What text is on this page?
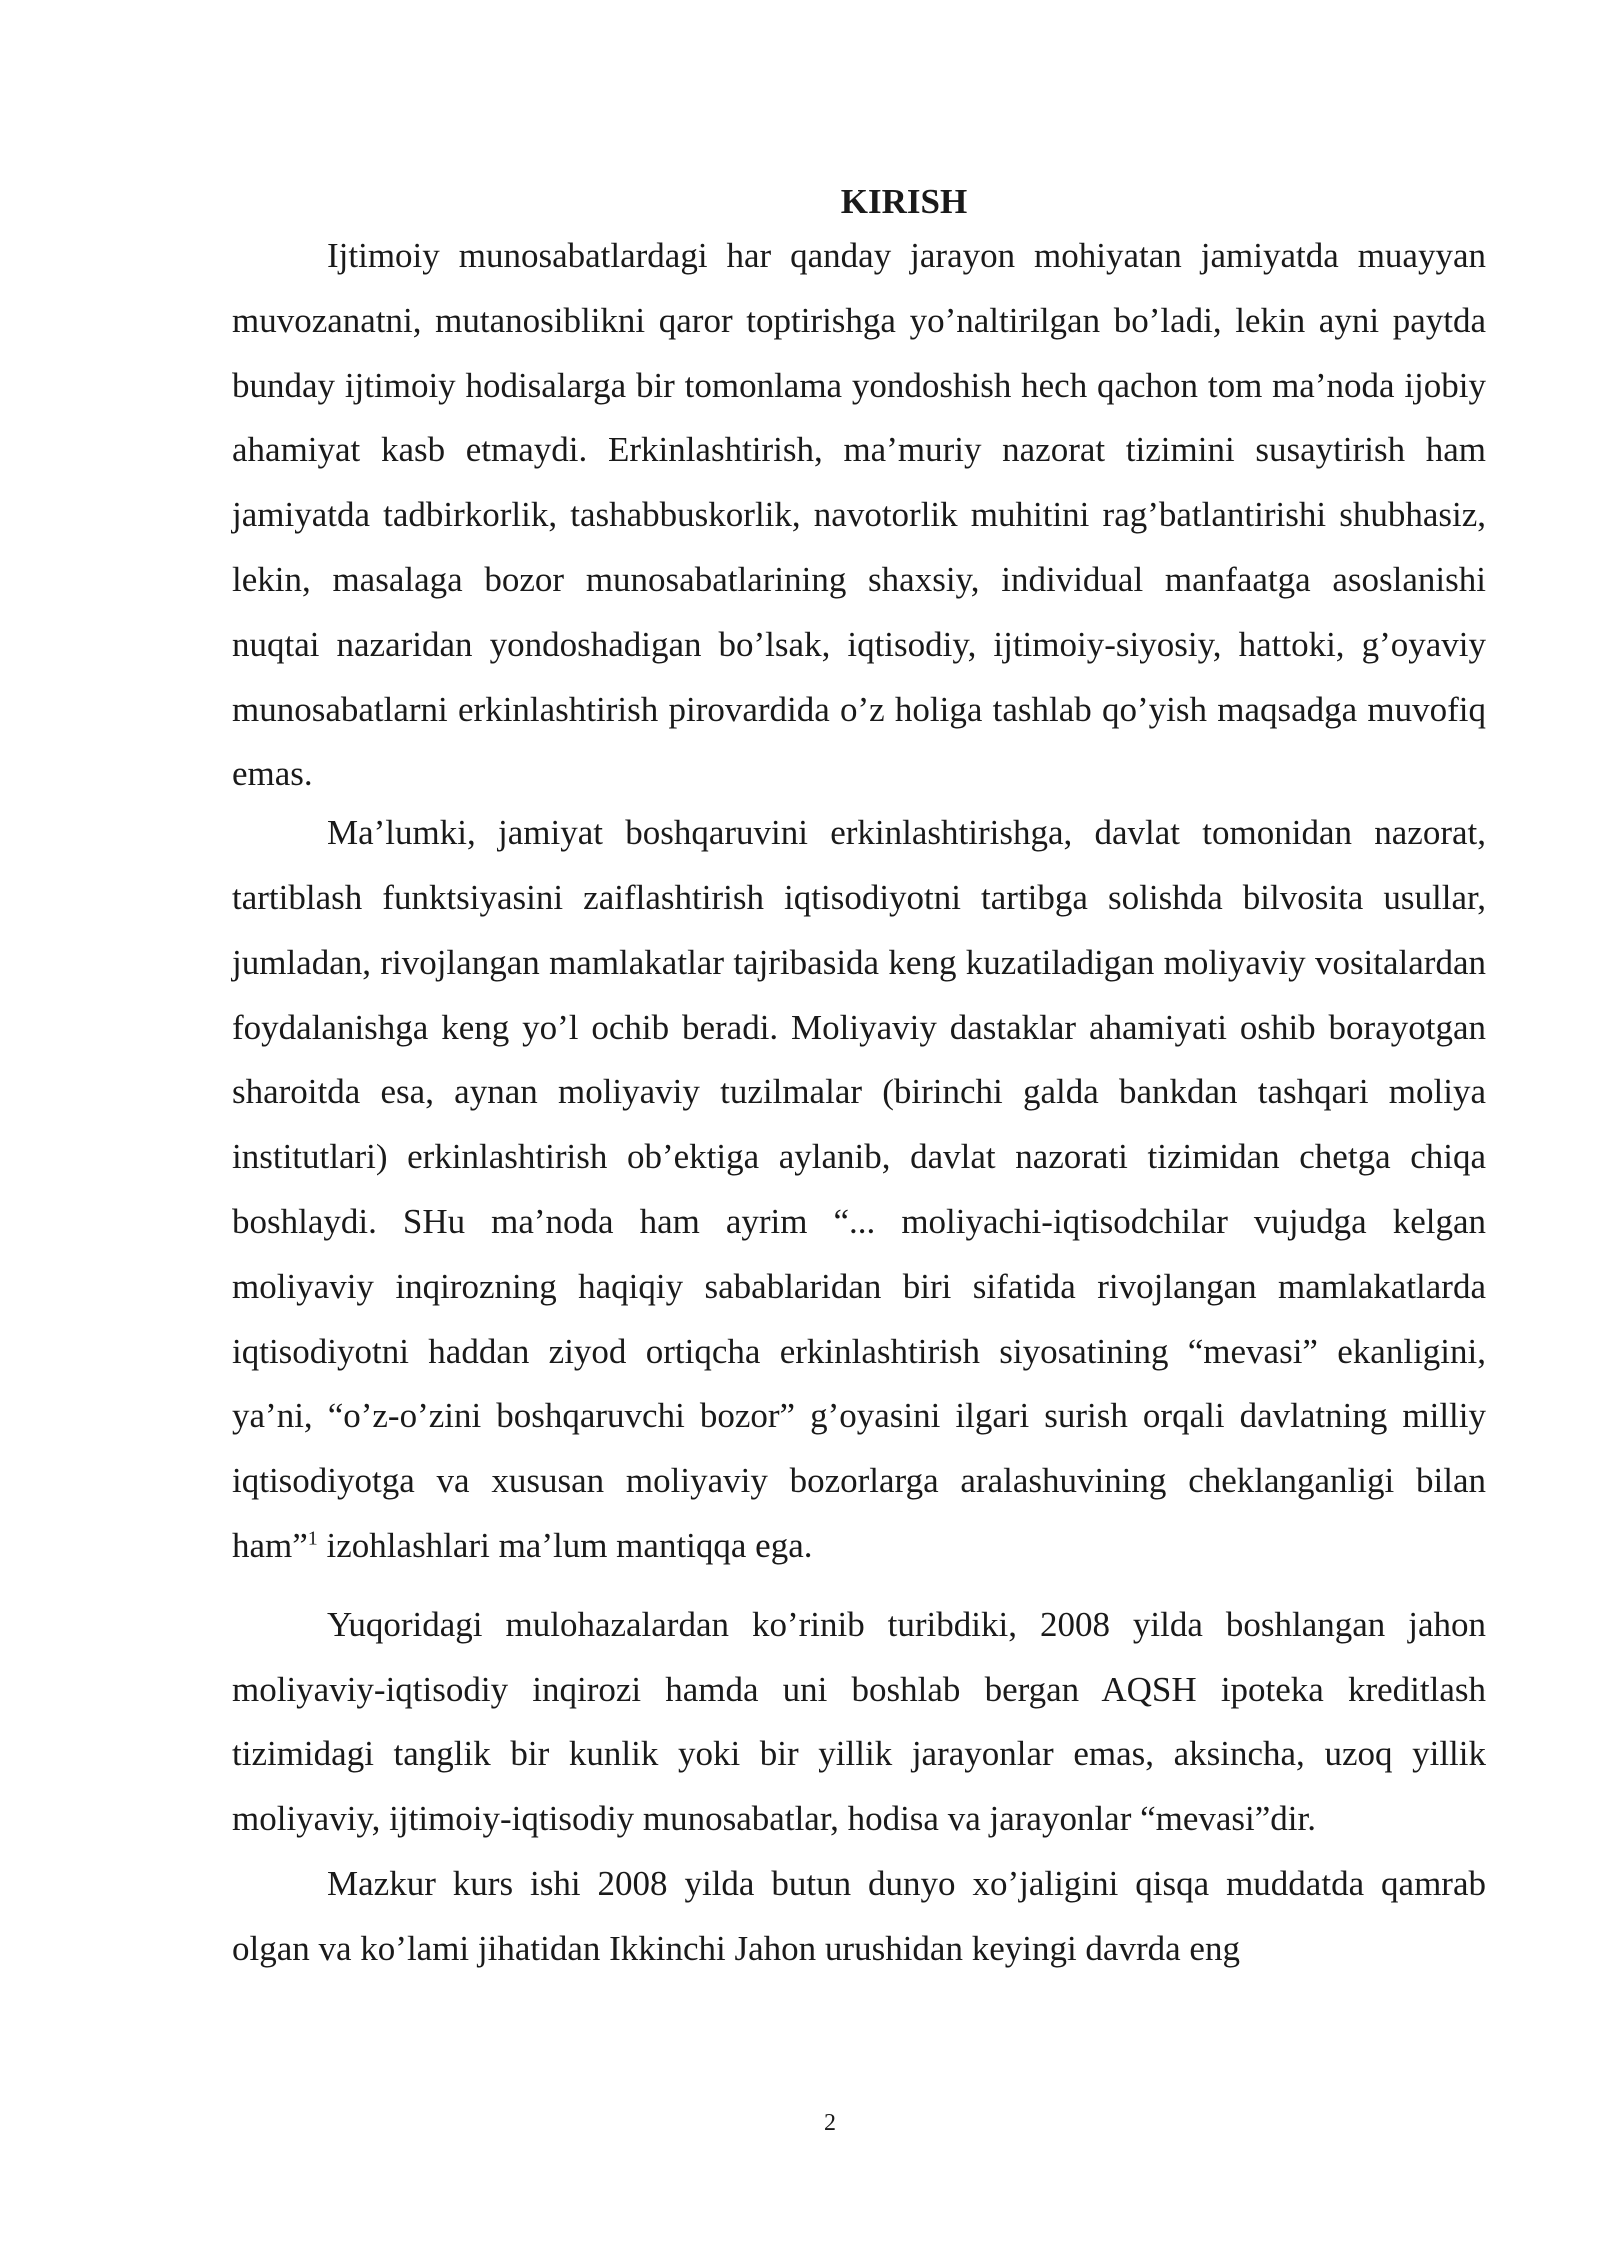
KIRISH

Ijtimoiy munosabatlardagi har qanday jarayon mohiyatan jamiyatda muayyan muvozanatni, mutanosiblikni qaror toptirishga yo’naltirilgan bo’ladi, lekin ayni paytda bunday ijtimoiy hodisalarga bir tomonlama yondoshish hech qachon tom ma’noda ijobiy ahamiyat kasb etmaydi. Erkinlashtirish, ma’muriy nazorat tizimini susaytirish ham jamiyatda tadbirkorlik, tashabbuskorlik, navotorlik muhitini rag’batlantirishi shubhasiz, lekin, masalaga bozor munosabatlarining shaxsiy, individual manfaatga asoslanishi nuqtai nazaridan yondoshadigan bo’lsak, iqtisodiy, ijtimoiy-siyosiy, hattoki, g’oyaviy munosabatlarni erkinlashtirish pirovardida o’z holiga tashlab qo’yish maqsadga muvofiq emas.

Ma’lumki, jamiyat boshqaruvini erkinlashtirishga, davlat tomonidan nazorat, tartiblash funktsiyasini zaiflashtirish iqtisodiyotni tartibga solishda bilvosita usullar, jumladan, rivojlangan mamlakatlar tajribasida keng kuzatiladigan moliyaviy vositalardan foydalanishga keng yo’l ochib beradi. Moliyaviy dastaklar ahamiyati oshib borayotgan sharoitda esa, aynan moliyaviy tuzilmalar (birinchi galda bankdan tashqari moliya institutlari) erkinlashtirish ob’ektiga aylanib, davlat nazorati tizimidan chetga chiqa boshlaydi. SHu ma’noda ham ayrim “... moliyachi-iqtisodchilar vujudga kelgan moliyaviy inqirozning haqiqiy sabablaridan biri sifatida rivojlangan mamlakatlarda iqtisodiyotni haddan ziyod ortiqcha erkinlashtirish siyosatining “mevasi” ekanligini, ya’ni, “o’z-o’zini boshqaruvchi bozor” g’oyasini ilgari surish orqali davlatning milliy iqtisodiyotga va xususan moliyaviy bozorlarga aralashuvining cheklanganligi bilan ham”$^1$ izohlashlari ma’lum mantiqqa ega.

Yuqoridagi mulohazalardan ko’rinib turibdiki, 2008 yilda boshlangan jahon moliyaviy-iqtisodiy inqirozi hamda uni boshlab bergan AQSH ipoteka kreditlash tizimidagi tanglik bir kunlik yoki bir yillik jarayonlar emas, aksincha, uzoq yillik moliyaviy, ijtimoiy-iqtisodiy munosabatlar, hodisa va jarayonlar “mevasi”dir.

Mazkur kurs ishi 2008 yilda butun dunyo xo’jaligini qisqa muddatda qamrab olgan va ko’lami jihatidan Ikkinchi Jahon urushidan keyingi davrda eng

2
